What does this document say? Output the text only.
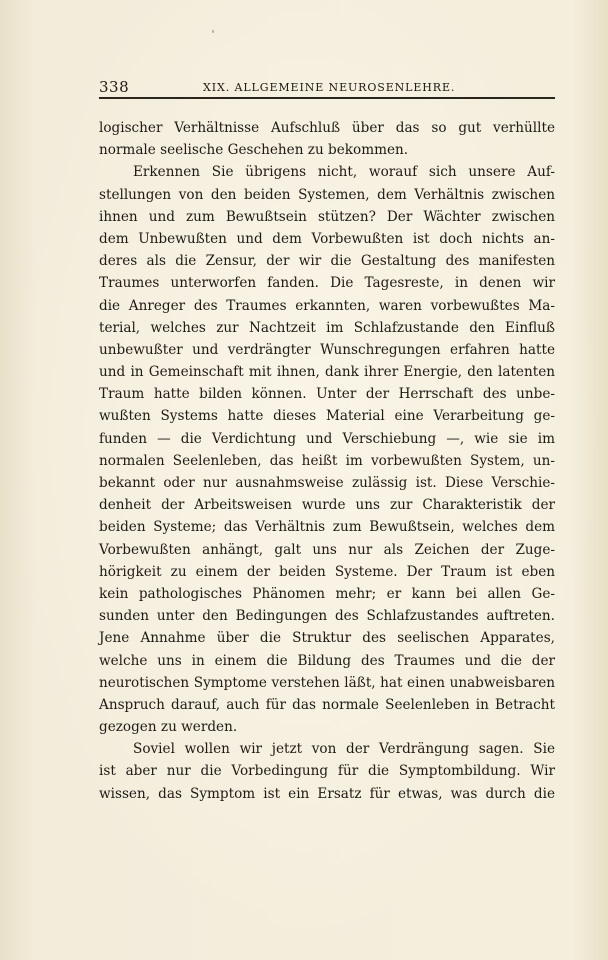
338	XIX. ALLGEMEINE NEUROSENLEHRE.
logischer Verhältnisse Aufschluß über das so gut verhüllte
normale seelische Geschehen zu bekommen.
Erkennen Sie übrigens nicht, worauf sich unsere Auf-
stellungen von den beiden Systemen, dem Verhältnis zwischen
ihnen und zum Bewußtsein stützen? Der Wächter zwischen
dem Unbewußten und dem Vorbewußten ist doch nichts an-
deres als die Zensur, der wir die Gestaltung des manifesten
Traumes unterworfen fanden. Die Tagesreste, in denen wir
die Anreger des Traumes erkannten, waren vorbewußtes Ma-
terial, welches zur Nachtzeit im Schlafzustande den Einfluß
unbewußter und verdrängter Wunschregungen erfahren hatte
und in Gemeinschaft mit ihnen, dank ihrer Energie, den latenten
Traum hatte bilden können. Unter der Herrschaft des unbe-
wußten Systems hatte dieses Material eine Verarbeitung ge-
funden — die Verdichtung und Verschiebung —, wie sie im
normalen Seelenleben, das heißt im vorbewußten System, un-
bekannt oder nur ausnahmsweise zulässig ist. Diese Verschie-
denheit der Arbeitsweisen wurde uns zur Charakteristik der
beiden Systeme; das Verhältnis zum Bewußtsein, welches dem
Vorbewußten anhängt, galt uns nur als Zeichen der Zuge-
hörigkeit zu einem der beiden Systeme. Der Traum ist eben
kein pathologisches Phänomen mehr; er kann bei allen Ge-
sunden unter den Bedingungen des Schlafzustandes auftreten.
Jene Annahme über die Struktur des seelischen Apparates,
welche uns in einem die Bildung des Traumes und die der
neurotischen Symptome verstehen läßt, hat einen unabweisbaren
Anspruch darauf, auch für das normale Seelenleben in Betracht
gezogen zu werden.
Soviel wollen wir jetzt von der Verdrängung sagen. Sie
ist aber nur die Vorbedingung für die Symptombildung. Wir
wissen, das Symptom ist ein Ersatz für etwas, was durch die
